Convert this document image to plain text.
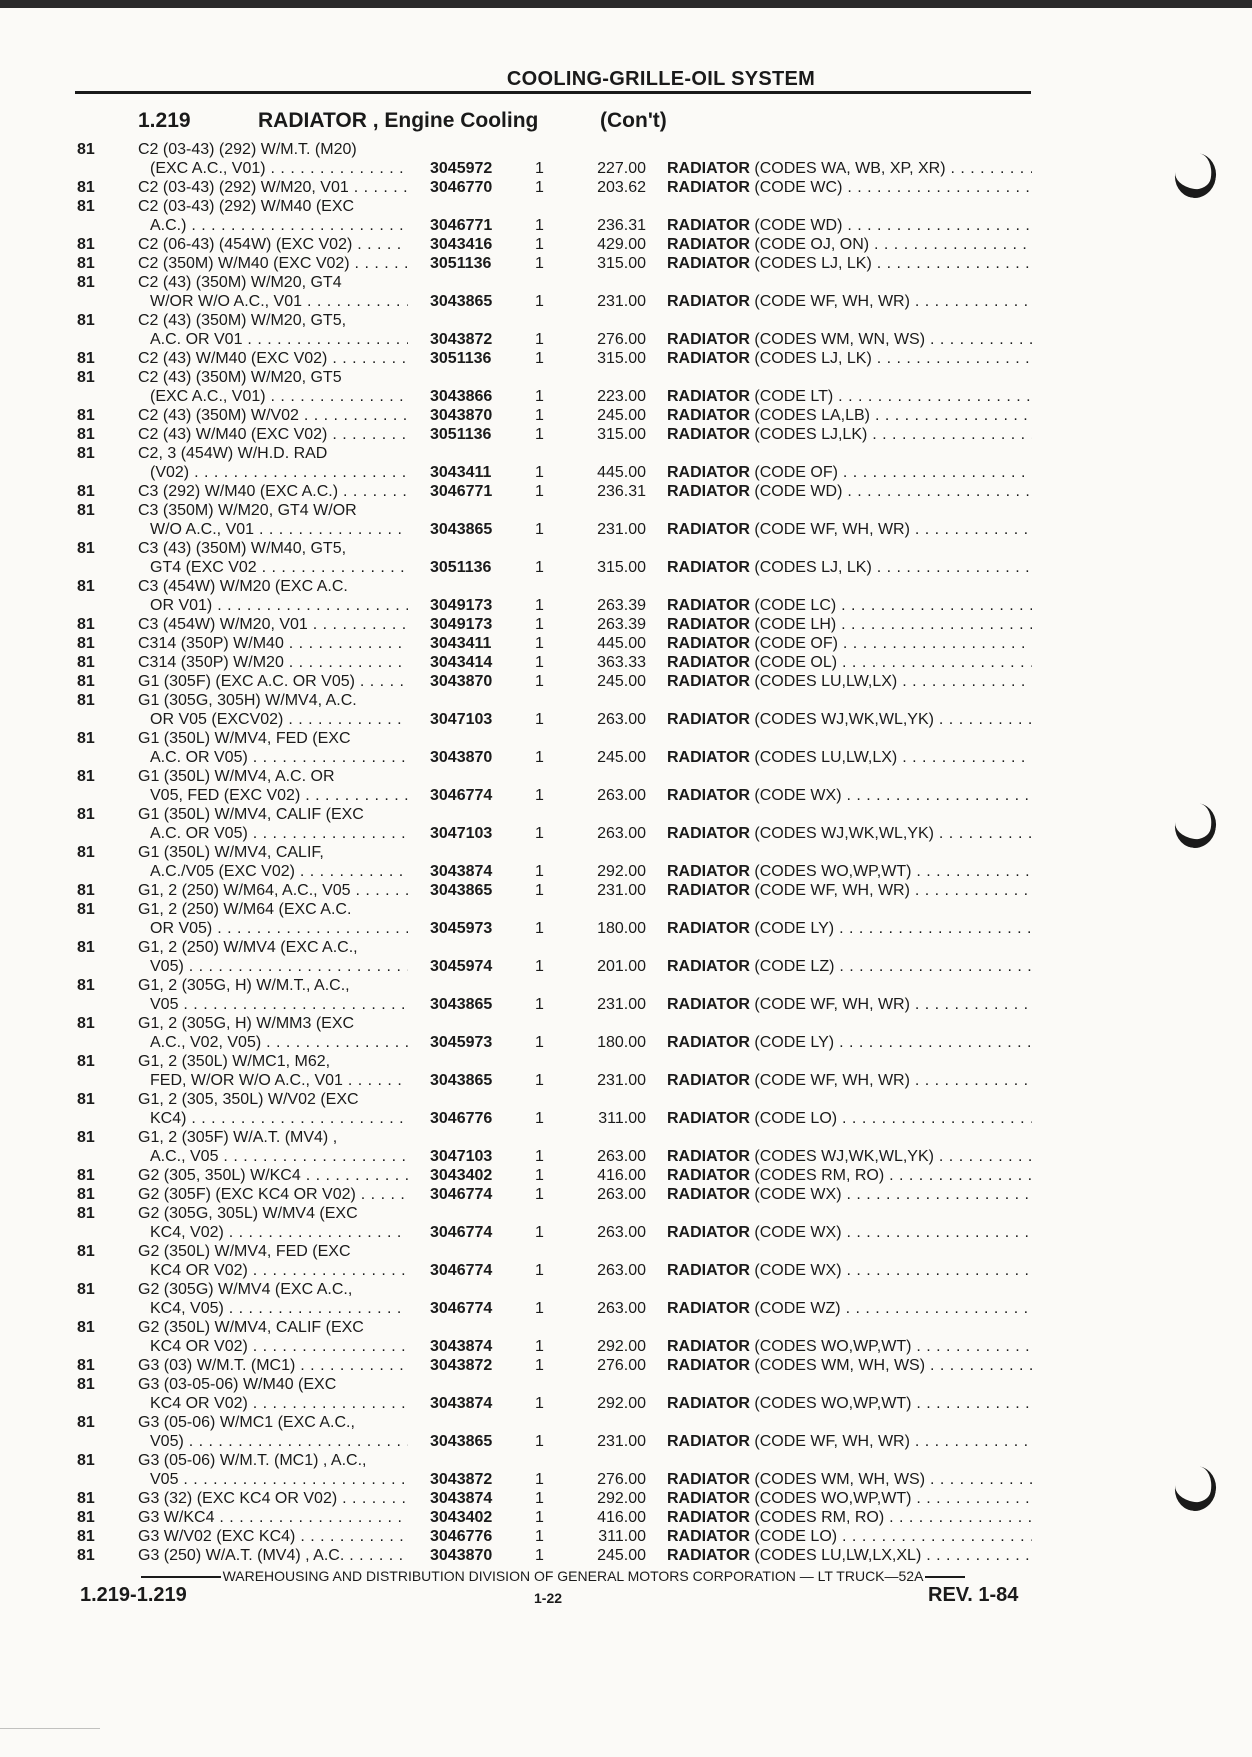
COOLING-GRILLE-OIL SYSTEM
1.219	RADIATOR , Engine Cooling	(Con't)
81	C2 (03-43) (292) W/M.T. (M20)
(EXC A.C., V01) . . .	3045972	1	227.00 RADIATOR (CODES WA, WB, XP, XR) . . .
81	C2 (03-43) (292) W/M20, V01 . . .	3046770	1	203.62 RADIATOR (CODE WC) . . .
81	C2 (03-43) (292) W/M40 (EXC
A.C.) . . .	3046771	1	236.31 RADIATOR (CODE WD) . . .
81	C2 (06-43) (454W) (EXC V02) . . .	3043416	1	429.00 RADIATOR (CODE OJ, ON) . . .
81	C2 (350M) W/M40 (EXC V02) . . .	3051136	1	315.00 RADIATOR (CODES LJ, LK) . . .
81	C2 (43) (350M) W/M20, GT4
W/OR W/O A.C., V01 . . .	3043865	1	231.00 RADIATOR (CODE WF, WH, WR) . . .
81	C2 (43) (350M) W/M20, GT5,
A.C. OR V01 . . .	3043872	1	276.00 RADIATOR (CODES WM, WN, WS) . . .
81	C2 (43) W/M40 (EXC V02) . . .	3051136	1	315.00 RADIATOR (CODES LJ, LK) . . .
81	C2 (43) (350M) W/M20, GT5
(EXC A.C., V01) . . .	3043866	1	223.00 RADIATOR (CODE LT) . . .
81	C2 (43) (350M) W/V02 . . .	3043870	1	245.00 RADIATOR (CODES LA,LB) . . .
81	C2 (43) W/M40 (EXC V02) . . .	3051136	1	315.00 RADIATOR (CODES LJ,LK) . . .
81	C2, 3 (454W) W/H.D. RAD
(V02) . . .	3043411	1	445.00 RADIATOR (CODE OF) . . .
81	C3 (292) W/M40 (EXC A.C.) . . .	3046771	1	236.31 RADIATOR (CODE WD) . . .
81	C3 (350M) W/M20, GT4 W/OR
W/O A.C., V01 . . .	3043865	1	231.00 RADIATOR (CODE WF, WH, WR) . . .
81	C3 (43) (350M) W/M40, GT5,
GT4 (EXC V02 . . .	3051136	1	315.00 RADIATOR (CODES LJ, LK) . . .
81	C3 (454W) W/M20 (EXC A.C.
OR V01) . . .	3049173	1	263.39 RADIATOR (CODE LC) . . .
81	C3 (454W) W/M20, V01 . . .	3049173	1	263.39 RADIATOR (CODE LH) . . .
81	C314 (350P) W/M40 . . .	3043411	1	445.00 RADIATOR (CODE OF) . . .
81	C314 (350P) W/M20 . . .	3043414	1	363.33 RADIATOR (CODE OL) . . .
81	G1 (305F) (EXC A.C. OR V05) . . .	3043870	1	245.00 RADIATOR (CODES LU,LW,LX) . . .
81	G1 (305G, 305H) W/MV4, A.C.
OR V05 (EXCV02) . . .	3047103	1	263.00 RADIATOR (CODES WJ,WK,WL,YK) . . .
81	G1 (350L) W/MV4, FED (EXC
A.C. OR V05) . . .	3043870	1	245.00 RADIATOR (CODES LU,LW,LX) . . .
81	G1 (350L) W/MV4, A.C. OR
V05, FED (EXC V02) . . .	3046774	1	263.00 RADIATOR (CODE WX) . . .
81	G1 (350L) W/MV4, CALIF (EXC
A.C. OR V05) . . .	3047103	1	263.00 RADIATOR (CODES WJ,WK,WL,YK) . . .
81	G1 (350L) W/MV4, CALIF,
A.C./V05 (EXC V02) . . .	3043874	1	292.00 RADIATOR (CODES WO,WP,WT) . . .
81	G1, 2 (250) W/M64, A.C., V05 . . .	3043865	1	231.00 RADIATOR (CODE WF, WH, WR) . . .
81	G1, 2 (250) W/M64 (EXC A.C.
OR V05) . . .	3045973	1	180.00 RADIATOR (CODE LY) . . .
81	G1, 2 (250) W/MV4 (EXC A.C.,
V05) . . .	3045974	1	201.00 RADIATOR (CODE LZ) . . .
81	G1, 2 (305G, H) W/M.T., A.C.,
V05 . . .	3043865	1	231.00 RADIATOR (CODE WF, WH, WR) . . .
81	G1, 2 (305G, H) W/MM3 (EXC
A.C., V02, V05) . . .	3045973	1	180.00 RADIATOR (CODE LY) . . .
81	G1, 2 (350L) W/MC1, M62,
FED, W/OR W/O A.C., V01 . . .	3043865	1	231.00 RADIATOR (CODE WF, WH, WR) . . .
81	G1, 2 (305, 350L) W/V02 (EXC
KC4) . . .	3046776	1	311.00 RADIATOR (CODE LO) . . .
81	G1, 2 (305F) W/A.T. (MV4) ,
A.C., V05 . . .	3047103	1	263.00 RADIATOR (CODES WJ,WK,WL,YK) . . .
81	G2 (305, 350L) W/KC4 . . .	3043402	1	416.00 RADIATOR (CODES RM, RO) . . .
81	G2 (305F) (EXC KC4 OR V02) . . .	3046774	1	263.00 RADIATOR (CODE WX) . . .
81	G2 (305G, 305L) W/MV4 (EXC
KC4, V02) . . .	3046774	1	263.00 RADIATOR (CODE WX) . . .
81	G2 (350L) W/MV4, FED (EXC
KC4 OR V02) . . .	3046774	1	263.00 RADIATOR (CODE WX) . . .
81	G2 (305G) W/MV4 (EXC A.C.,
KC4, V05) . . .	3046774	1	263.00 RADIATOR (CODE WZ) . . .
81	G2 (350L) W/MV4, CALIF (EXC
KC4 OR V02) . . .	3043874	1	292.00 RADIATOR (CODES WO,WP,WT) . . .
81	G3 (03) W/M.T. (MC1) . . .	3043872	1	276.00 RADIATOR (CODES WM, WH, WS) . . .
81	G3 (03-05-06) W/M40 (EXC
KC4 OR V02) . . .	3043874	1	292.00 RADIATOR (CODES WO,WP,WT) . . .
81	G3 (05-06) W/MC1 (EXC A.C.,
V05) . . .	3043865	1	231.00 RADIATOR (CODE WF, WH, WR) . . .
81	G3 (05-06) W/M.T. (MC1) , A.C.,
V05 . . .	3043872	1	276.00 RADIATOR (CODES WM, WH, WS) . . .
81	G3 (32) (EXC KC4 OR V02) . . .	3043874	1	292.00 RADIATOR (CODES WO,WP,WT) . . .
81	G3 W/KC4 . . .	3043402	1	416.00 RADIATOR (CODES RM, RO) . . .
81	G3 W/V02 (EXC KC4) . . .	3046776	1	311.00 RADIATOR (CODE LO) . . .
81	G3 (250) W/A.T. (MV4) , A.C. . . .	3043870	1	245.00 RADIATOR (CODES LU,LW,LX,XL) . . .
WAREHOUSING AND DISTRIBUTION DIVISION OF GENERAL MOTORS CORPORATION — LT TRUCK—52A
1.219-1.219	1-22	REV. 1-84
